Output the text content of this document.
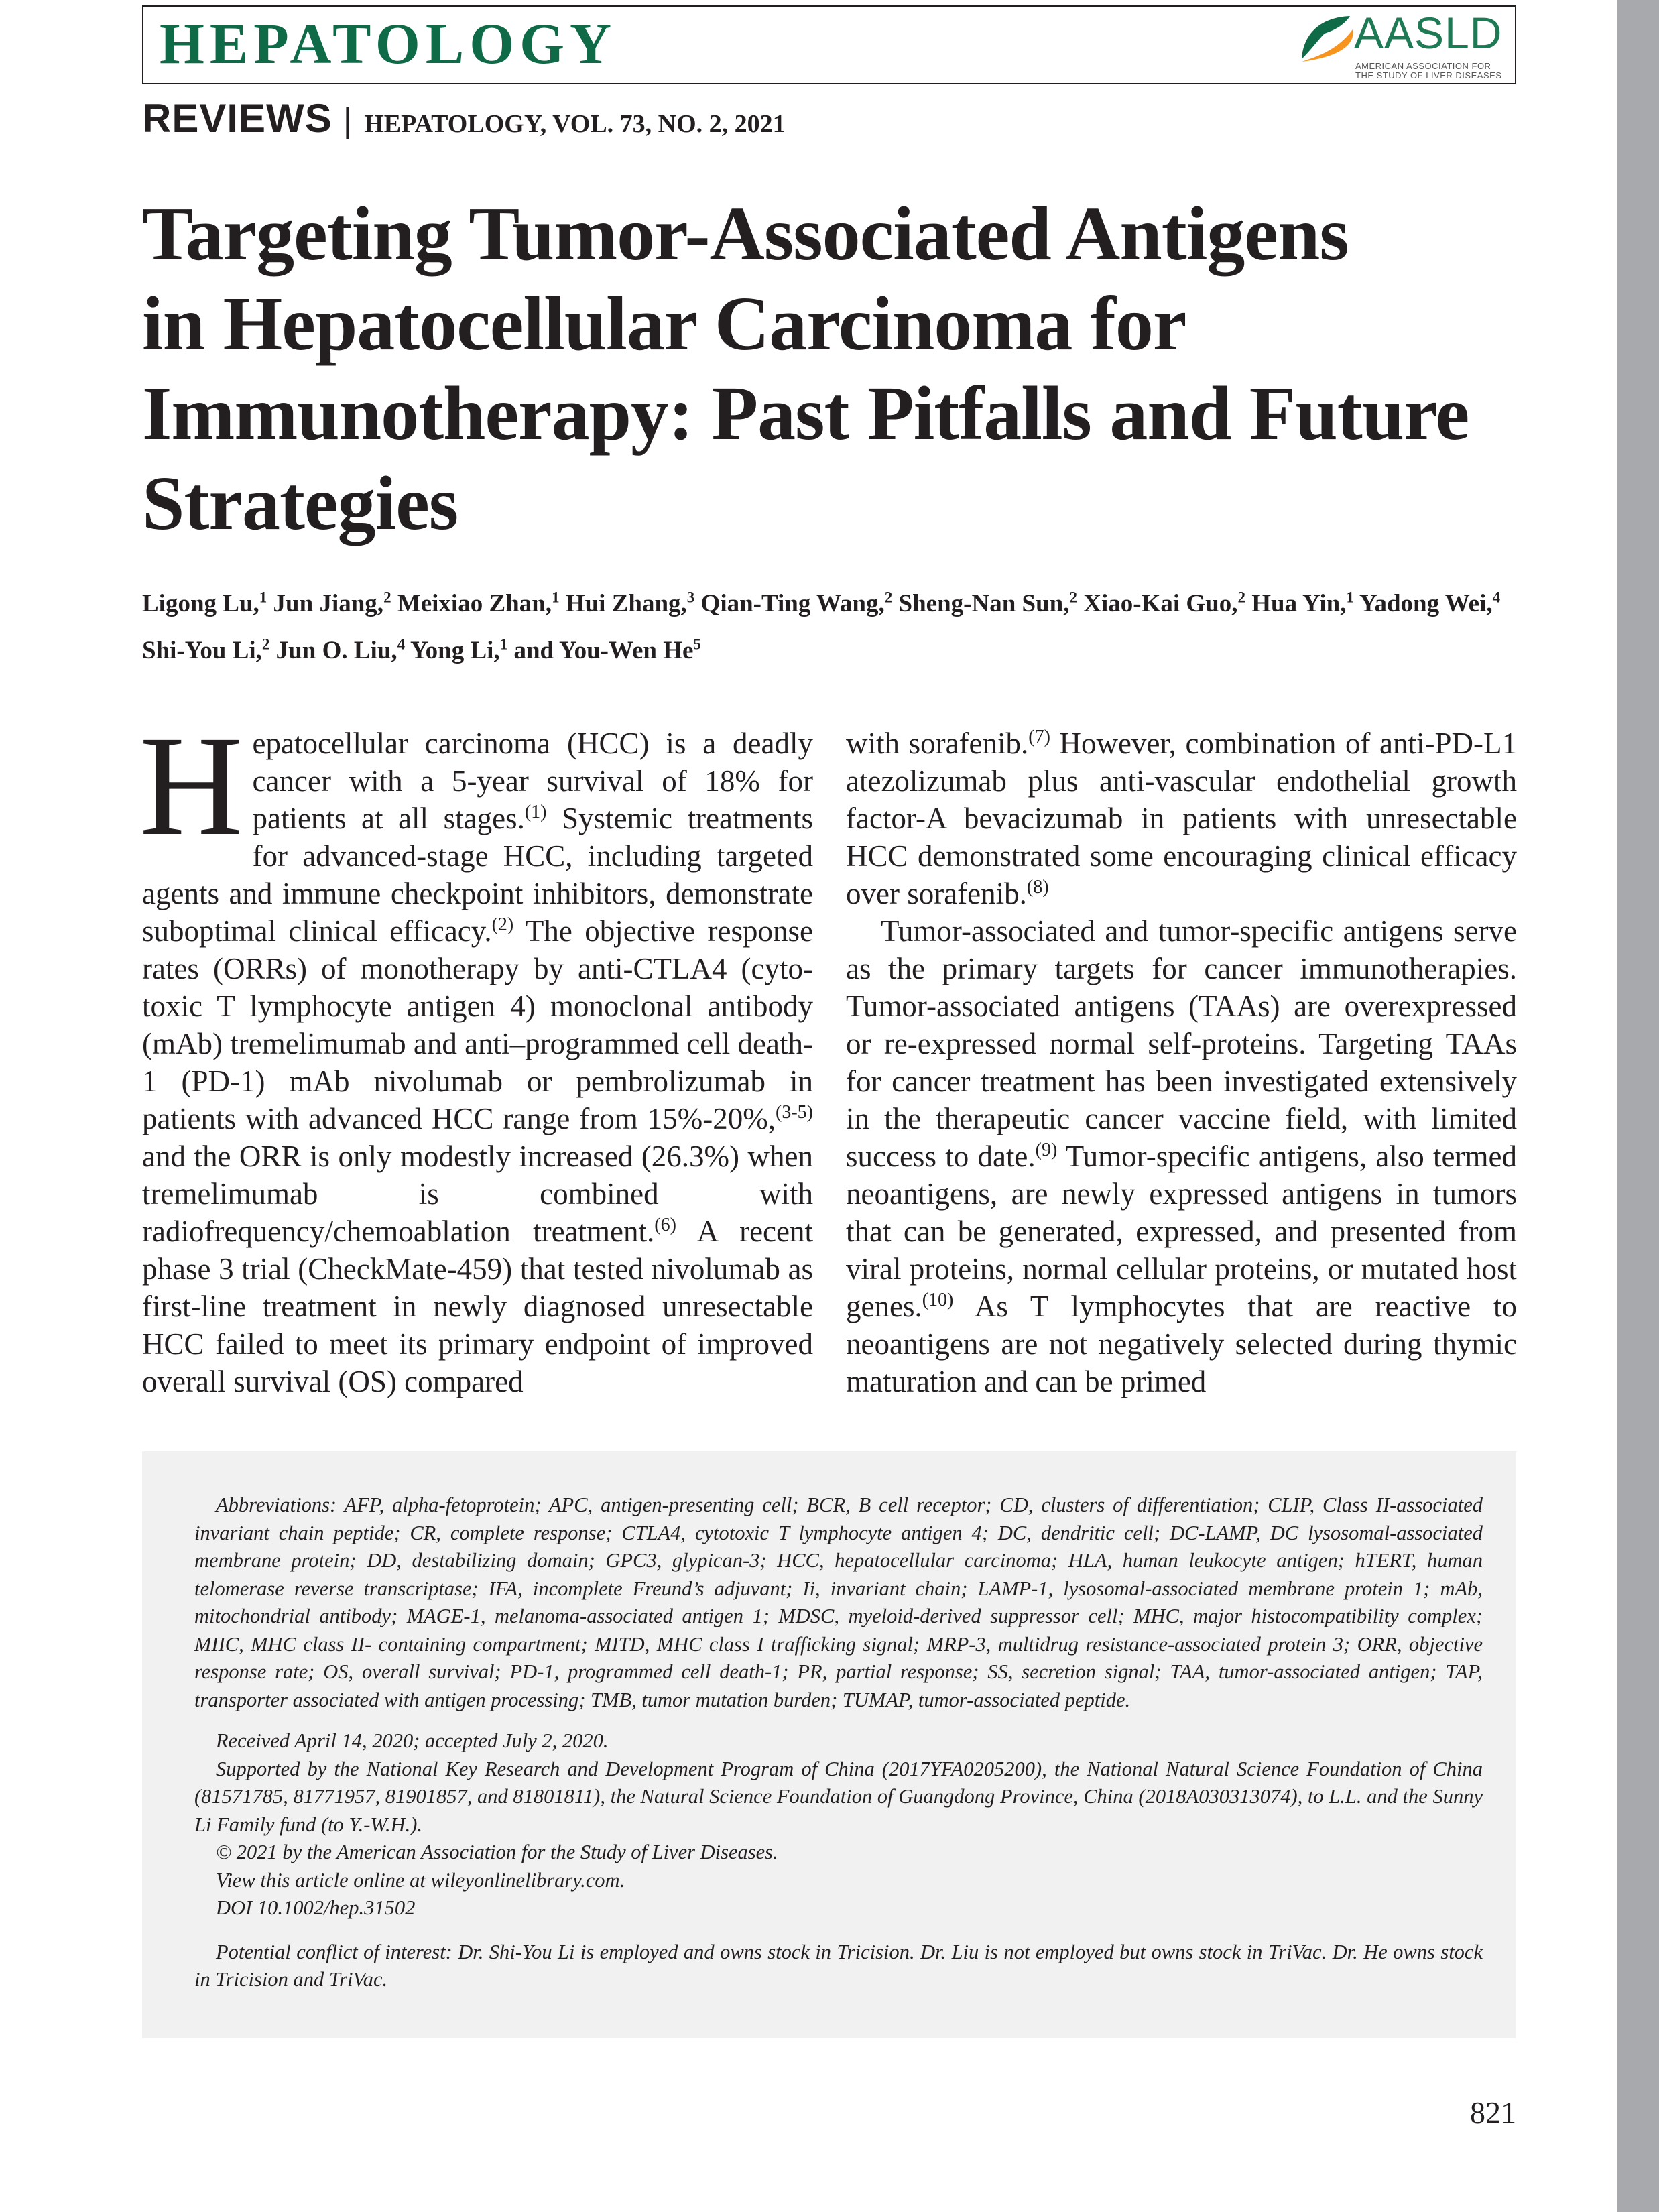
HEPATOLOGY	AASLD
AMERICAN ASSOCIATION FOR
THE STUDY OF LIVER DISEASES
REVIEWS | HEPATOLOGY, VOL. 73, NO. 2, 2021
Targeting Tumor-Associated Antigens
in Hepatocellular Carcinoma for
Immunotherapy: Past Pitfalls and Future
Strategies
Ligong Lu,$^1$ Jun Jiang,$^2$ Meixiao Zhan,$^1$ Hui Zhang,$^3$ Qian-Ting Wang,$^2$ Sheng-Nan Sun,$^2$ Xiao-Kai Guo,$^2$ Hua Yin,$^1$ Yadong Wei,$^4$ Shi-You Li,$^2$ Jun O. Liu,$^4$ Yong Li,$^1$ and You-Wen He$^5$

Hepatocellular carcinoma (HCC) is a deadly cancer with a 5-year survival of 18% for patients at all stages.$^{(1)}$ Systemic treatments for advanced-stage HCC, including targeted agents and immune checkpoint inhibitors, demonstrate suboptimal clinical efficacy.$^{(2)}$ The objective response rates (ORRs) of monotherapy by anti-CTLA4 (cytotoxic T lymphocyte antigen 4) monoclonal antibody (mAb) tremelimumab and anti–programmed cell death-1 (PD-1) mAb nivolumab or pembrolizumab in patients with advanced HCC range from 15%-20%,$^{(3-5)}$ and the ORR is only modestly increased (26.3%) when tremelimumab is combined with radiofrequency/chemoablation treatment.$^{(6)}$ A recent phase 3 trial (CheckMate-459) that tested nivolumab as first-line treatment in newly diagnosed unresectable HCC failed to meet its primary endpoint of improved overall survival (OS) compared

with sorafenib.$^{(7)}$ However, combination of anti-PD-L1 atezolizumab plus anti-vascular endothelial growth factor-A bevacizumab in patients with unresectable HCC demonstrated some encouraging clinical efficacy over sorafenib.$^{(8)}$

Tumor-associated and tumor-specific antigens serve as the primary targets for cancer immunotherapies. Tumor-associated antigens (TAAs) are overexpressed or re-expressed normal self-proteins. Targeting TAAs for cancer treatment has been investigated extensively in the therapeutic cancer vaccine field, with limited success to date.$^{(9)}$ Tumor-specific antigens, also termed neoantigens, are newly expressed antigens in tumors that can be generated, expressed, and presented from viral proteins, normal cellular proteins, or mutated host genes.$^{(10)}$ As T lymphocytes that are reactive to neoantigens are not negatively selected during thymic maturation and can be primed

Abbreviations: AFP, alpha-fetoprotein; APC, antigen-presenting cell; BCR, B cell receptor; CD, clusters of differentiation; CLIP, Class II-associated invariant chain peptide; CR, complete response; CTLA4, cytotoxic T lymphocyte antigen 4; DC, dendritic cell; DC-LAMP, DC lysosomal-associated membrane protein; DD, destabilizing domain; GPC3, glypican-3; HCC, hepatocellular carcinoma; HLA, human leukocyte antigen; hTERT, human telomerase reverse transcriptase; IFA, incomplete Freund’s adjuvant; Ii, invariant chain; LAMP-1, lysosomal-associated membrane protein 1; mAb, mitochondrial antibody; MAGE-1, melanoma-associated antigen 1; MDSC, myeloid-derived suppressor cell; MHC, major histocompatibility complex; MIIC, MHC class II- containing compartment; MITD, MHC class I trafficking signal; MRP-3, multidrug resistance-associated protein 3; ORR, objective response rate; OS, overall survival; PD-1, programmed cell death-1; PR, partial response; SS, secretion signal; TAA, tumor-associated antigen; TAP, transporter associated with antigen processing; TMB, tumor mutation burden; TUMAP, tumor-associated peptide.

Received April 14, 2020; accepted July 2, 2020.

Supported by the National Key Research and Development Program of China (2017YFA0205200), the National Natural Science Foundation of China (81571785, 81771957, 81901857, and 81801811), the Natural Science Foundation of Guangdong Province, China (2018A030313074), to L.L. and the Sunny Li Family fund (to Y.-W.H.).

© 2021 by the American Association for the Study of Liver Diseases.

View this article online at wileyonlinelibrary.com.

DOI 10.1002/hep.31502

Potential conflict of interest: Dr. Shi-You Li is employed and owns stock in Tricision. Dr. Liu is not employed but owns stock in TriVac. Dr. He owns stock in Tricision and TriVac.

821
